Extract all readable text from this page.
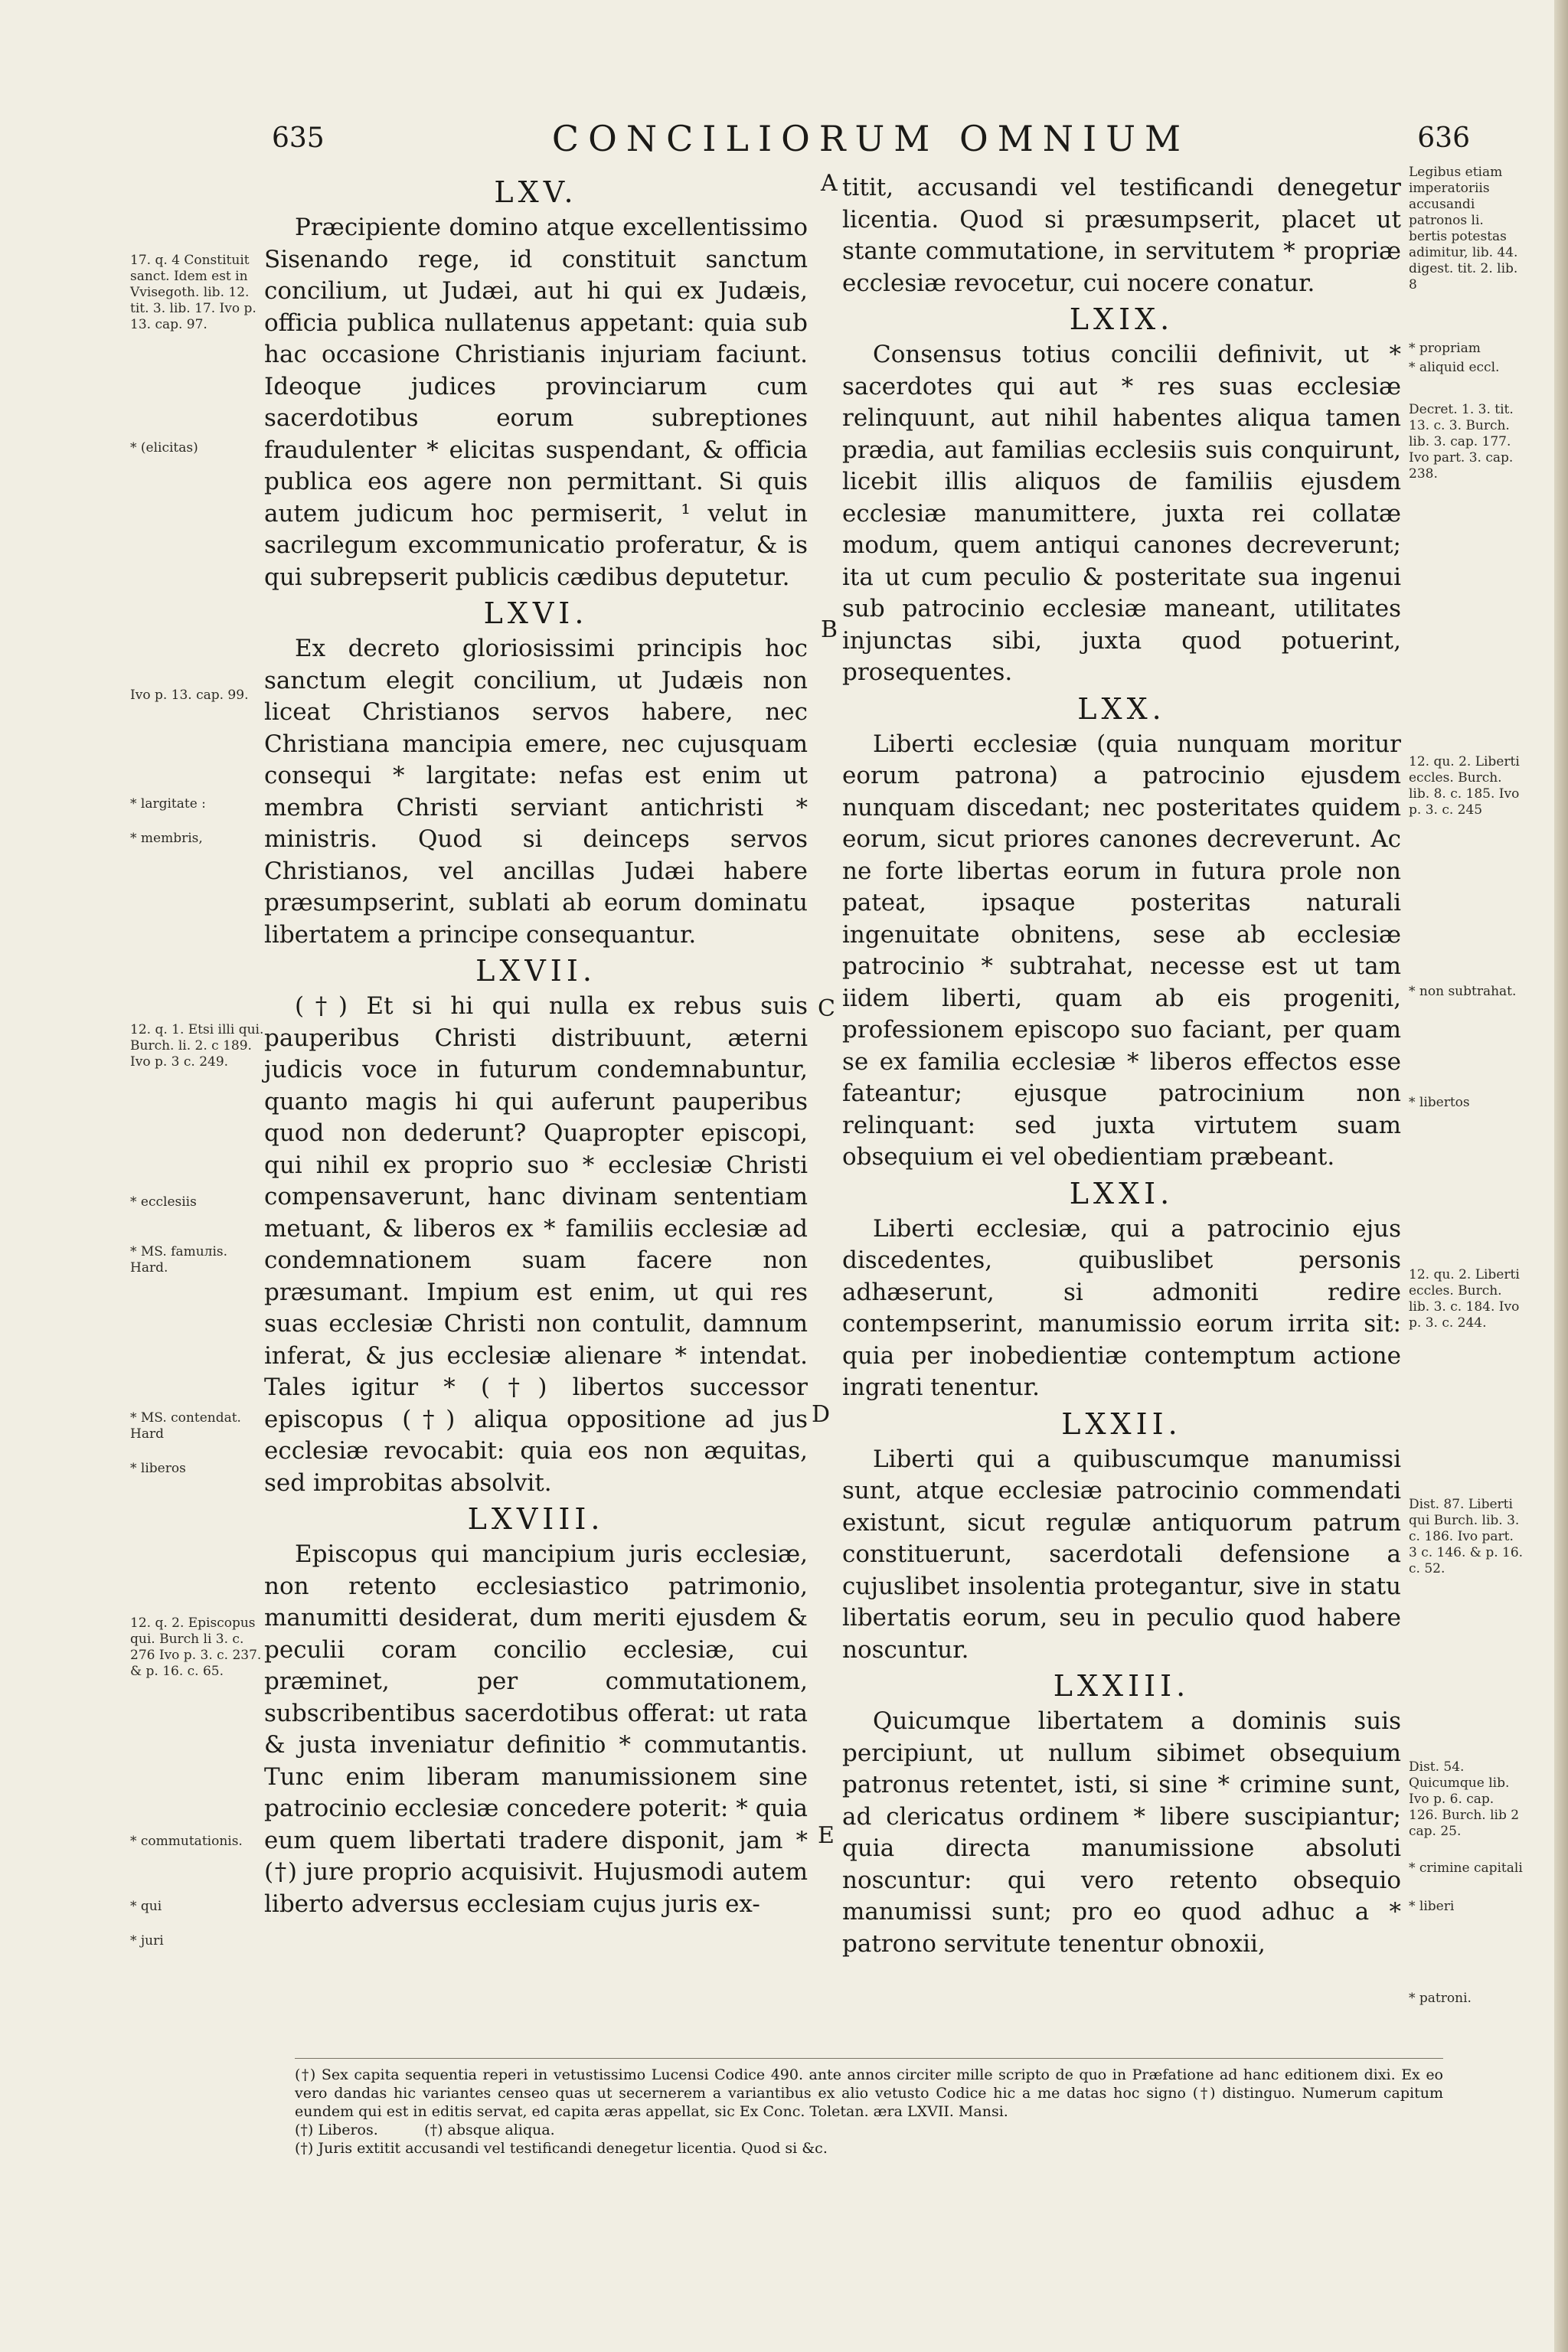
635	CONCILIORUM OMNIUM	636
LXV.

Præcipiente domino atque excellentissimo Sisenando rege, id constituit sanctum concilium, ut Judæi, aut hi qui ex Judæis, officia publica nullatenus appetant: quia sub hac occasione Christianis injuriam faciunt. Ideoque judices provinciarum cum sacerdotibus eorum subreptiones fraudulenter * elicitas suspendant, & officia publica eos agere non permittant. Si quis autem judicum hoc permiserit, ¹ velut in sacrilegum excommunicatio proferatur, & is qui subrepserit publicis cædibus deputetur.

LXVI.

Ex decreto gloriosissimi principis hoc sanctum elegit concilium, ut Judæis non liceat Christianos servos habere, nec Christiana mancipia emere, nec cujusquam consequi * largitate: nefas est enim ut membra Christi serviant antichristi * ministris. Quod si deinceps servos Christianos, vel ancillas Judæi habere præsumpserint, sublati ab eorum dominatu libertatem a principe consequantur.

LXVII.

(†) Et si hi qui nulla ex rebus suis pauperibus Christi distribuunt, æterni judicis voce in futurum condemnabuntur, quanto magis hi qui auferunt pauperibus quod non dederunt? Quapropter episcopi, qui nihil ex proprio suo * ecclesiæ Christi compensaverunt, hanc divinam sententiam metuant, & liberos ex * familiis ecclesiæ ad condemnationem suam facere non præsumant. Impium est enim, ut qui res suas ecclesiæ Christi non contulit, damnum inferat, & jus ecclesiæ alienare * intendat. Tales igitur * (†) libertos successor episcopus (†) aliqua oppositione ad jus ecclesiæ revocabit: quia eos non æquitas, sed improbitas absolvit.

LXVIII.

Episcopus qui mancipium juris ecclesiæ, non retento ecclesiastico patrimonio, manumitti desiderat, dum meriti ejusdem & peculii coram concilio ecclesiæ, cui præminet, per commutationem, subscribentibus sacerdotibus offerat: ut rata & justa inveniatur definitio * commutantis. Tunc enim liberam manumissionem sine patrocinio ecclesiæ concedere poterit: * quia eum quem libertati tradere disponit, jam * (†) jure proprio acquisivit. Hujusmodi autem liberto adversus ecclesiam cujus juris ex-

titit, accusandi vel testificandi denegetur licentia. Quod si præsumpserit, placet ut stante commutatione, in servitutem * propriæ ecclesiæ revocetur, cui nocere conatur.

LXIX.

Consensus totius concilii definivit, ut * sacerdotes qui aut * res suas ecclesiæ relinquunt, aut nihil habentes aliqua tamen prædia, aut familias ecclesiis suis conquirunt, licebit illis aliquos de familiis ejusdem ecclesiæ manumittere, juxta rei collatæ modum, quem antiqui canones decreverunt; ita ut cum peculio & posteritate sua ingenui sub patrocinio ecclesiæ maneant, utilitates injunctas sibi, juxta quod potuerint, prosequentes.

LXX.

Liberti ecclesiæ (quia nunquam moritur eorum patrona) a patrocinio ejusdem nunquam discedant; nec posteritates quidem eorum, sicut priores canones decreverunt. Ac ne forte libertas eorum in futura prole non pateat, ipsaque posteritas naturali ingenuitate obnitens, sese ab ecclesiæ patrocinio * subtrahat, necesse est ut tam iidem liberti, quam ab eis progeniti, professionem episcopo suo faciant, per quam se ex familia ecclesiæ * liberos effectos esse fateantur; ejusque patrocinium non relinquant: sed juxta virtutem suam obsequium ei vel obedientiam præbeant.

LXXI.

Liberti ecclesiæ, qui a patrocinio ejus discedentes, quibuslibet personis adhæserunt, si admoniti redire contempserint, manumissio eorum irrita sit: quia per inobedientiæ contemptum actione ingrati tenentur.

LXXII.

Liberti qui a quibuscumque manumissi sunt, atque ecclesiæ patrocinio commendati existunt, sicut regulæ antiquorum patrum constituerunt, sacerdotali defensione a cujuslibet insolentia protegantur, sive in statu libertatis eorum, seu in peculio quod habere noscuntur.

LXXIII.

Quicumque libertatem a dominis suis percipiunt, ut nullum sibimet obsequium patronus retentet, isti, si sine * criminе sunt, ad clericatus ordinem * libere suscipiantur; quia directa manumissione absoluti noscuntur: qui vero retento obsequio manumissi sunt; pro eo quod adhuc a * patrono servitute tenentur obnoxii,

17. q. 4 Constituit sanct. Idem est in Vvisegoth. lib. 12. tit. 3. lib. 17. Ivo p. 13. cap. 97.
* (elicitas)
Ivo p. 13. cap. 99.
* largitate :
* membris,
12. q. 1. Etsi illi qui. Burch. li. 2. c 189. Ivo p. 3 c. 249.
* ecclesiis
* MS. famuлis. Hard.
* MS. contendat. Hard
* liberos
12. q. 2. Episcopus qui. Burch li 3. c. 276 Ivo p. 3. c. 237. & p. 16. c. 65.
* commutationis.
* qui
* juri
Legibus etiam imperatoriis accusandi patronos li. bertis potestas adimitur, lib. 44. digest. tit. 2. lib. 8
* propriam
* aliquid eccl.
Decret. 1. 3. tit. 13. c. 3. Burch. lib. 3. cap. 177. Ivo part. 3. cap. 238.
12. qu. 2. Liberti eccles. Burch. lib. 8. c. 185. Ivo p. 3. c. 245
* non subtrahat.
* libertos
12. qu. 2. Liberti eccles. Burch. lib. 3. c. 184. Ivo p. 3. c. 244.
Dist. 87. Liberti qui Burch. lib. 3. c. 186. Ivo part. 3 c. 146. & p. 16. c. 52.
Dist. 54. Quicumque lib. Ivo p. 6. cap. 126. Burch. lib 2 cap. 25.
* crimine capitali
* liberi
* patroni.
A
B
C
D
E

(†) Sex capita sequentia reperi in vetustissimo Lucensi Codice 490. ante annos circiter mille scripto de quo in Præfatione ad hanc editionem dixi. Ex eo vero dandas hic variantes censeo quas ut secernerem a variantibus ex alio vetusto Codice hic a me datas hoc signo (†) distinguo. Numerum capitum eundem qui est in editis servat, ed capita æras appellat, sic Ex Conc. Toletan. æra LXVII. Mansi.

(†) Liberos.          (†) absque aliqua.

(†) Juris extitit accusandi vel testificandi denegetur licentia. Quod si &c.
